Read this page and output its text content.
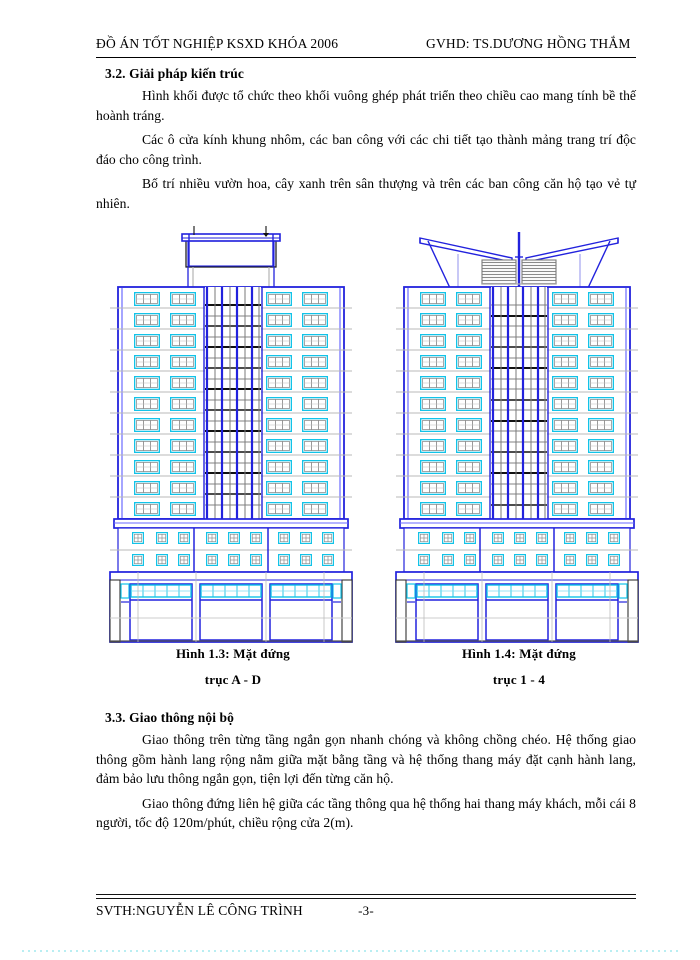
ĐỒ ÁN TỐT NGHIỆP KSXD KHÓA 2006	GVHD: TS.DƯƠNG HỒNG THẮM
3.2. Giải pháp kiến trúc

Hình khối được tổ chức theo khối vuông ghép phát triển theo chiều cao mang tính bề thế hoành tráng.

Các ô cửa kính khung nhôm, các ban công với các chi tiết tạo thành mảng trang trí độc đáo cho công trình.

Bố trí nhiều vườn hoa, cây xanh trên sân thượng và trên các ban công căn hộ tạo vẻ tự nhiên.

Hình 1.3: Mặt đứng
trục A - D
Hình 1.4: Mặt đứng
trục 1 - 4
3.3. Giao thông nội bộ

Giao thông trên từng tầng ngắn gọn nhanh chóng và không chồng chéo. Hệ thống giao thông gồm hành lang rộng nằm giữa mặt bằng tầng và hệ thống thang máy đặt cạnh hành lang, đảm bảo lưu thông ngắn gọn, tiện lợi đến từng căn hộ.

Giao thông đứng liên hệ giữa các tầng thông qua hệ thống hai thang máy khách, mỗi cái 8 người, tốc độ 120m/phút, chiều rộng cửa 2(m).

SVTH:NGUYỄN LÊ CÔNG TRÌNH	-3-
